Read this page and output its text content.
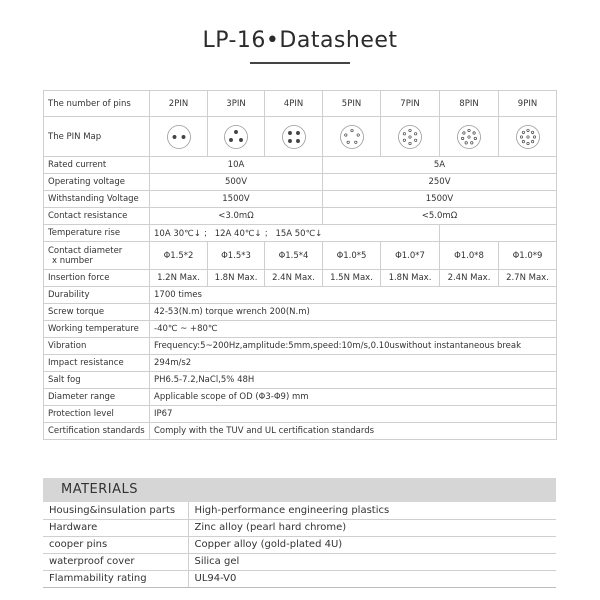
LP-16•Datasheet
The number of pins	2PIN	3PIN	4PIN	5PIN	7PIN	8PIN	9PIN
The PIN Map							
Rated current	10A			5A			
Operating voltage	500V			250V			
Withstanding Voltage	1500V			1500V			
Contact resistance	<3.0mΩ			<5.0mΩ			
Temperature rise	10A 30℃↓ ； 12A 40℃↓ ； 15A 50℃↓						

Contact diameter
x number	Φ1.5*2	Φ1.5*3	Φ1.5*4	Φ1.0*5	Φ1.0*7	Φ1.0*8	Φ1.0*9
Insertion force	1.2N Max.	1.8N Max.	2.4N Max.	1.5N Max.	1.8N Max.	2.4N Max.	2.7N Max.
Durability	1700 times						
Screw torque	42-53(N.m) torque wrench 200(N.m)						
Working temperature	-40℃ ~ +80℃						
Vibration	Frequency:5~200Hz,amplitude:5mm,speed:10m/s,0.10uswithout instantaneous break						
Impact resistance	294m/s2						
Salt fog	PH6.5-7.2,NaCl,5% 48H						
Diameter range	Applicable scope of OD (Φ3-Φ9) mm						
Protection level	IP67						
Certification standards	Comply with the TUV and UL certification standards						
MATERIALS
Housing&insulation parts	High-performance engineering plastics
Hardware	Zinc alloy (pearl hard chrome)
cooper pins	Copper alloy (gold-plated 4U)
waterproof cover	Silica gel
Flammability rating	UL94-V0
